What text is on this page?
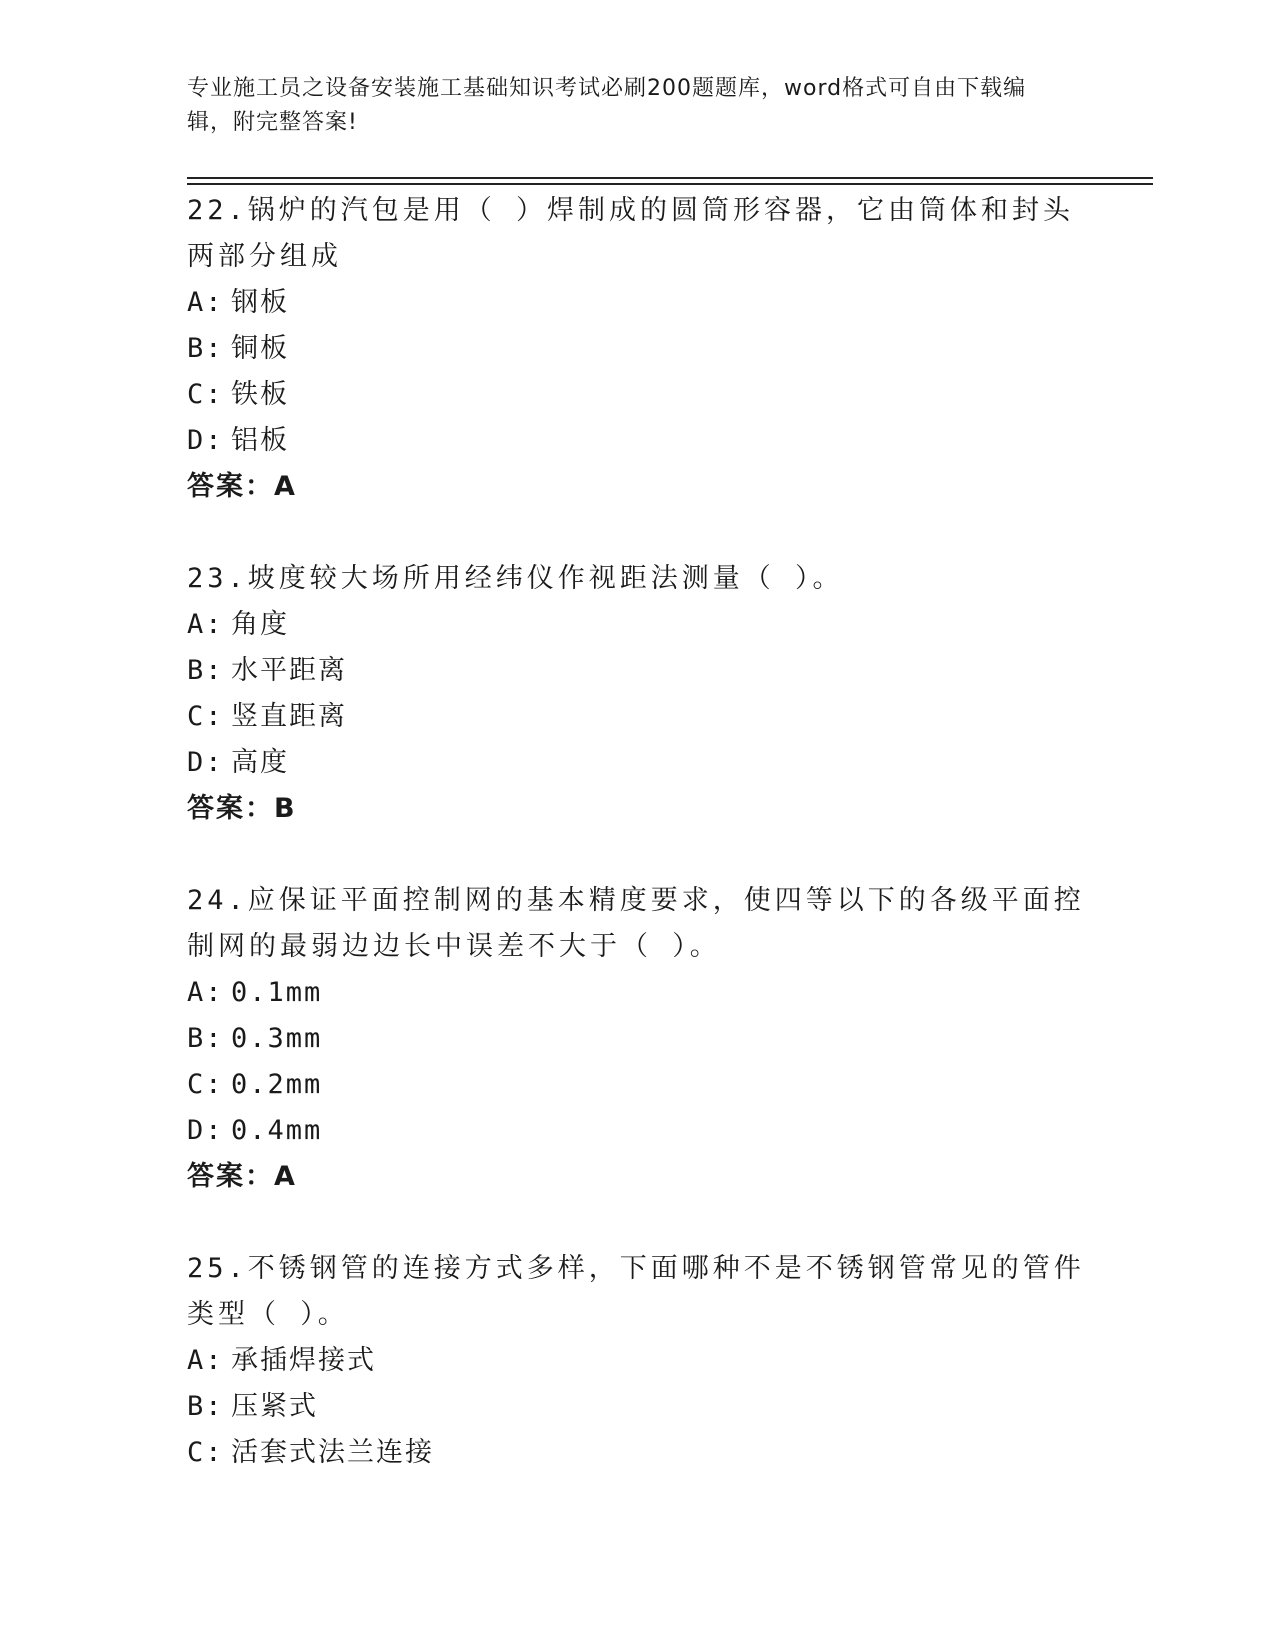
专业施工员之设备安装施工基础知识考试必刷200题题库，word格式可自由下载编辑，附完整答案!
22.锅炉的汽包是用（ ）焊制成的圆筒形容器，它由筒体和封头两部分组成
A: 钢板
B: 铜板
C: 铁板
D: 铝板
答案：A
23.坡度较大场所用经纬仪作视距法测量（ ）。
A: 角度
B: 水平距离
C: 竖直距离
D: 高度
答案：B
24.应保证平面控制网的基本精度要求，使四等以下的各级平面控制网的最弱边边长中误差不大于（ ）。
A: 0.1mm
B: 0.3mm
C: 0.2mm
D: 0.4mm
答案：A
25.不锈钢管的连接方式多样，下面哪种不是不锈钢管常见的管件类型（ ）。
A: 承插焊接式
B: 压紧式
C: 活套式法兰连接
